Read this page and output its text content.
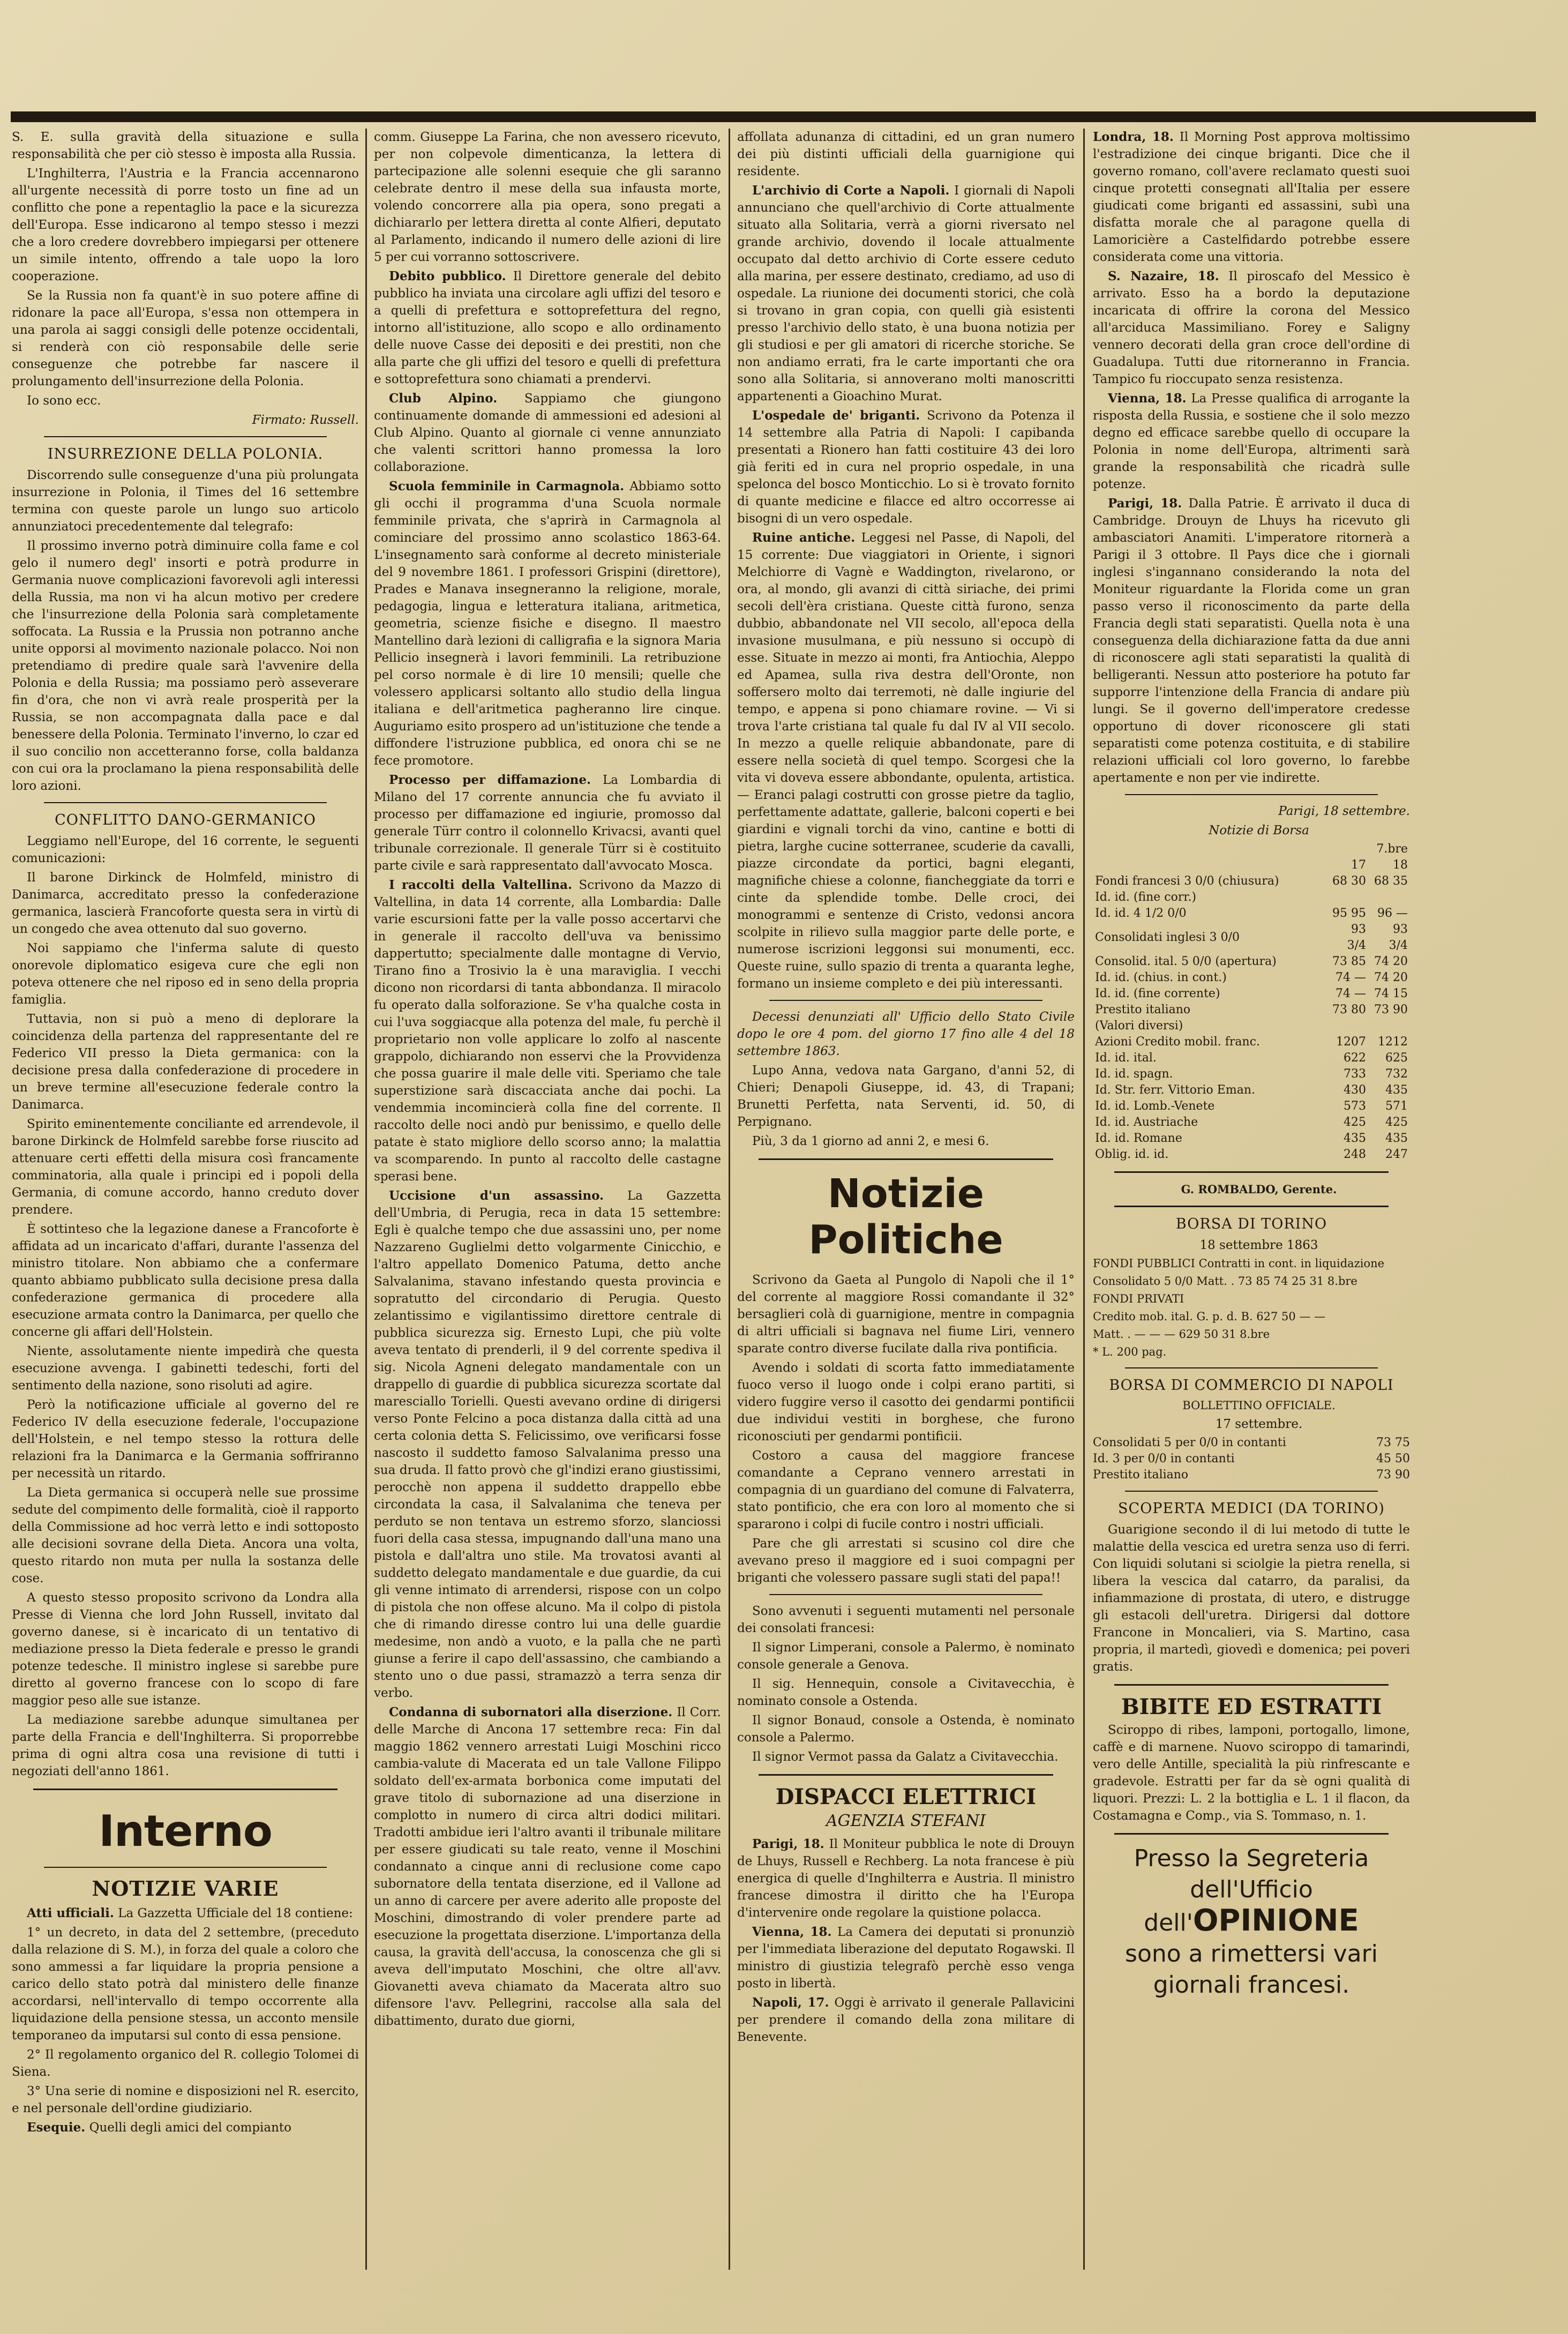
S. E. sulla gravità della situazione e sulla responsabilità che per ciò stesso è imposta alla Russia.

L'Inghilterra, l'Austria e la Francia accennarono all'urgente necessità di porre tosto un fine ad un conflitto che pone a repentaglio la pace e la sicurezza dell'Europa. Esse indicarono al tempo stesso i mezzi che a loro credere dovrebbero impiegarsi per ottenere un simile intento, offrendo a tale uopo la loro cooperazione.

Se la Russia non fa quant'è in suo potere affine di ridonare la pace all'Europa, s'essa non ottempera in una parola ai saggi consigli delle potenze occidentali, si renderà con ciò responsabile delle serie conseguenze che potrebbe far nascere il prolungamento dell'insurrezione della Polonia.

Io sono ecc.

Firmato: Russell.

INSURREZIONE DELLA POLONIA.

Discorrendo sulle conseguenze d'una più prolungata insurrezione in Polonia, il Times del 16 settembre termina con queste parole un lungo suo articolo annunziatoci precedentemente dal telegrafo:

Il prossimo inverno potrà diminuire colla fame e col gelo il numero degl' insorti e potrà produrre in Germania nuove complicazioni favorevoli agli interessi della Russia, ma non vi ha alcun motivo per credere che l'insurrezione della Polonia sarà completamente soffocata. La Russia e la Prussia non potranno anche unite opporsi al movimento nazionale polacco. Noi non pretendiamo di predire quale sarà l'avvenire della Polonia e della Russia; ma possiamo però asseverare fin d'ora, che non vi avrà reale prosperità per la Russia, se non accompagnata dalla pace e dal benessere della Polonia. Terminato l'inverno, lo czar ed il suo concilio non accetteranno forse, colla baldanza con cui ora la proclamano la piena responsabilità delle loro azioni.

CONFLITTO DANO-GERMANICO

Leggiamo nell'Europe, del 16 corrente, le seguenti comunicazioni:

Il barone Dirkinck de Holmfeld, ministro di Danimarca, accreditato presso la confederazione germanica, lascierà Francoforte questa sera in virtù di un congedo che avea ottenuto dal suo governo.

Noi sappiamo che l'inferma salute di questo onorevole diplomatico esigeva cure che egli non poteva ottenere che nel riposo ed in seno della propria famiglia.

Tuttavia, non si può a meno di deplorare la coincidenza della partenza del rappresentante del re Federico VII presso la Dieta germanica: con la decisione presa dalla confederazione di procedere in un breve termine all'esecuzione federale contro la Danimarca.

Spirito eminentemente conciliante ed arrendevole, il barone Dirkinck de Holmfeld sarebbe forse riuscito ad attenuare certi effetti della misura così francamente comminatoria, alla quale i principi ed i popoli della Germania, di comune accordo, hanno creduto dover prendere.

È sottinteso che la legazione danese a Francoforte è affidata ad un incaricato d'affari, durante l'assenza del ministro titolare. Non abbiamo che a confermare quanto abbiamo pubblicato sulla decisione presa dalla confederazione germanica di procedere alla esecuzione armata contro la Danimarca, per quello che concerne gli affari dell'Holstein.

Niente, assolutamente niente impedirà che questa esecuzione avvenga. I gabinetti tedeschi, forti del sentimento della nazione, sono risoluti ad agire.

Però la notificazione ufficiale al governo del re Federico IV della esecuzione federale, l'occupazione dell'Holstein, e nel tempo stesso la rottura delle relazioni fra la Danimarca e la Germania soffriranno per necessità un ritardo.

La Dieta germanica si occuperà nelle sue prossime sedute del compimento delle formalità, cioè il rapporto della Commissione ad hoc verrà letto e indi sottoposto alle decisioni sovrane della Dieta. Ancora una volta, questo ritardo non muta per nulla la sostanza delle cose.

A questo stesso proposito scrivono da Londra alla Presse di Vienna che lord John Russell, invitato dal governo danese, si è incaricato di un tentativo di mediazione presso la Dieta federale e presso le grandi potenze tedesche. Il ministro inglese si sarebbe pure diretto al governo francese con lo scopo di fare maggior peso alle sue istanze.

La mediazione sarebbe adunque simultanea per parte della Francia e dell'Inghilterra. Si proporrebbe prima di ogni altra cosa una revisione di tutti i negoziati dell'anno 1861.

Interno
NOTIZIE VARIE

Atti ufficiali. La Gazzetta Ufficiale del 18 contiene:

1° un decreto, in data del 2 settembre, (preceduto dalla relazione di S. M.), in forza del quale a coloro che sono ammessi a far liquidare la propria pensione a carico dello stato potrà dal ministero delle finanze accordarsi, nell'intervallo di tempo occorrente alla liquidazione della pensione stessa, un acconto mensile temporaneo da imputarsi sul conto di essa pensione.

2° Il regolamento organico del R. collegio Tolomei di Siena.

3° Una serie di nomine e disposizioni nel R. esercito, e nel personale dell'ordine giudiziario.

Esequie. Quelli degli amici del compianto

comm. Giuseppe La Farina, che non avessero ricevuto, per non colpevole dimenticanza, la lettera di partecipazione alle solenni esequie che gli saranno celebrate dentro il mese della sua infausta morte, volendo concorrere alla pia opera, sono pregati a dichiararlo per lettera diretta al conte Alfieri, deputato al Parlamento, indicando il numero delle azioni di lire 5 per cui vorranno sottoscrivere.

Debito pubblico. Il Direttore generale del debito pubblico ha inviata una circolare agli uffizi del tesoro e a quelli di prefettura e sottoprefettura del regno, intorno all'istituzione, allo scopo e allo ordinamento delle nuove Casse dei depositi e dei prestiti, non che alla parte che gli uffizi del tesoro e quelli di prefettura e sottoprefettura sono chiamati a prendervi.

Club Alpino. Sappiamo che giungono continuamente domande di ammessioni ed adesioni al Club Alpino. Quanto al giornale ci venne annunziato che valenti scrittori hanno promessa la loro collaborazione.

Scuola femminile in Carmagnola. Abbiamo sotto gli occhi il programma d'una Scuola normale femminile privata, che s'aprirà in Carmagnola al cominciare del prossimo anno scolastico 1863-64. L'insegnamento sarà conforme al decreto ministeriale del 9 novembre 1861. I professori Grispini (direttore), Prades e Manava insegneranno la religione, morale, pedagogia, lingua e letteratura italiana, aritmetica, geometria, scienze fisiche e disegno. Il maestro Mantellino darà lezioni di calligrafia e la signora Maria Pellicio insegnerà i lavori femminili. La retribuzione pel corso normale è di lire 10 mensili; quelle che volessero applicarsi soltanto allo studio della lingua italiana e dell'aritmetica pagheranno lire cinque. Auguriamo esito prospero ad un'istituzione che tende a diffondere l'istruzione pubblica, ed onora chi se ne fece promotore.

Processo per diffamazione. La Lombardia di Milano del 17 corrente annuncia che fu avviato il processo per diffamazione ed ingiurie, promosso dal generale Türr contro il colonnello Krivacsi, avanti quel tribunale correzionale. Il generale Türr si è costituito parte civile e sarà rappresentato dall'avvocato Mosca.

I raccolti della Valtellina. Scrivono da Mazzo di Valtellina, in data 14 corrente, alla Lombardia: Dalle varie escursioni fatte per la valle posso accertarvi che in generale il raccolto dell'uva va benissimo dappertutto; specialmente dalle montagne di Vervio, Tirano fino a Trosivio la è una maraviglia. I vecchi dicono non ricordarsi di tanta abbondanza. Il miracolo fu operato dalla solforazione. Se v'ha qualche costa in cui l'uva soggiacque alla potenza del male, fu perchè il proprietario non volle applicare lo zolfo al nascente grappolo, dichiarando non esservi che la Provvidenza che possa guarire il male delle viti. Speriamo che tale superstizione sarà discacciata anche dai pochi. La vendemmia incomincierà colla fine del corrente. Il raccolto delle noci andò pur benissimo, e quello delle patate è stato migliore dello scorso anno; la malattia va scomparendo. In punto al raccolto delle castagne sperasi bene.

Uccisione d'un assassino. La Gazzetta dell'Umbria, di Perugia, reca in data 15 settembre: Egli è qualche tempo che due assassini uno, per nome Nazzareno Guglielmi detto volgarmente Cinicchio, e l'altro appellato Domenico Patuma, detto anche Salvalanima, stavano infestando questa provincia e sopratutto del circondario di Perugia. Questo zelantissimo e vigilantissimo direttore centrale di pubblica sicurezza sig. Ernesto Lupi, che più volte aveva tentato di prenderli, il 9 del corrente spediva il sig. Nicola Agneni delegato mandamentale con un drappello di guardie di pubblica sicurezza scortate dal maresciallo Torielli. Questi avevano ordine di dirigersi verso Ponte Felcino a poca distanza dalla città ad una certa colonia detta S. Felicissimo, ove verificarsi fosse nascosto il suddetto famoso Salvalanima presso una sua druda. Il fatto provò che gl'indizi erano giustissimi, perocchè non appena il suddetto drappello ebbe circondata la casa, il Salvalanima che teneva per perduto se non tentava un estremo sforzo, slanciossi fuori della casa stessa, impugnando dall'una mano una pistola e dall'altra uno stile. Ma trovatosi avanti al suddetto delegato mandamentale e due guardie, da cui gli venne intimato di arrendersi, rispose con un colpo di pistola che non offese alcuno. Ma il colpo di pistola che di rimando diresse contro lui una delle guardie medesime, non andò a vuoto, e la palla che ne partì giunse a ferire il capo dell'assassino, che cambiando a stento uno o due passi, stramazzò a terra senza dir verbo.

Condanna di subornatori alla diserzione. Il Corr. delle Marche di Ancona 17 settembre reca: Fin dal maggio 1862 vennero arrestati Luigi Moschini ricco cambia-valute di Macerata ed un tale Vallone Filippo soldato dell'ex-armata borbonica come imputati del grave titolo di subornazione ad una diserzione in complotto in numero di circa altri dodici militari. Tradotti ambidue ieri l'altro avanti il tribunale militare per essere giudicati su tale reato, venne il Moschini condannato a cinque anni di reclusione come capo subornatore della tentata diserzione, ed il Vallone ad un anno di carcere per avere aderito alle proposte del Moschini, dimostrando di voler prendere parte ad esecuzione la progettata diserzione. L'importanza della causa, la gravità dell'accusa, la conoscenza che gli si aveva dell'imputato Moschini, che oltre all'avv. Giovanetti aveva chiamato da Macerata altro suo difensore l'avv. Pellegrini, raccolse alla sala del dibattimento, durato due giorni,

affollata adunanza di cittadini, ed un gran numero dei più distinti ufficiali della guarnigione qui residente.

L'archivio di Corte a Napoli. I giornali di Napoli annunciano che quell'archivio di Corte attualmente situato alla Solitaria, verrà a giorni riversato nel grande archivio, dovendo il locale attualmente occupato dal detto archivio di Corte essere ceduto alla marina, per essere destinato, crediamo, ad uso di ospedale. La riunione dei documenti storici, che colà si trovano in gran copia, con quelli già esistenti presso l'archivio dello stato, è una buona notizia per gli studiosi e per gli amatori di ricerche storiche. Se non andiamo errati, fra le carte importanti che ora sono alla Solitaria, si annoverano molti manoscritti appartenenti a Gioachino Murat.

L'ospedale de' briganti. Scrivono da Potenza il 14 settembre alla Patria di Napoli: I capibanda presentati a Rionero han fatti costituire 43 dei loro già feriti ed in cura nel proprio ospedale, in una spelonca del bosco Monticchio. Lo si è trovato fornito di quante medicine e filacce ed altro occorresse ai bisogni di un vero ospedale.

Ruine antiche. Leggesi nel Passe, di Napoli, del 15 corrente: Due viaggiatori in Oriente, i signori Melchiorre di Vagnè e Waddington, rivelarono, or ora, al mondo, gli avanzi di città siriache, dei primi secoli dell'èra cristiana. Queste città furono, senza dubbio, abbandonate nel VII secolo, all'epoca della invasione musulmana, e più nessuno si occupò di esse. Situate in mezzo ai monti, fra Antiochia, Aleppo ed Apamea, sulla riva destra dell'Oronte, non soffersero molto dai terremoti, nè dalle ingiurie del tempo, e appena si pono chiamare rovine. — Vi si trova l'arte cristiana tal quale fu dal IV al VII secolo. In mezzo a quelle reliquie abbandonate, pare di essere nella società di quel tempo. Scorgesi che la vita vi doveva essere abbondante, opulenta, artistica. — Eranci palagi costrutti con grosse pietre da taglio, perfettamente adattate, gallerie, balconi coperti e bei giardini e vignali torchi da vino, cantine e botti di pietra, larghe cucine sotterranee, scuderie da cavalli, piazze circondate da portici, bagni eleganti, magnifiche chiese a colonne, fiancheggiate da torri e cinte da splendide tombe. Delle croci, dei monogrammi e sentenze di Cristo, vedonsi ancora scolpite in rilievo sulla maggior parte delle porte, e numerose iscrizioni leggonsi sui monumenti, ecc. Queste ruine, sullo spazio di trenta a quaranta leghe, formano un insieme completo e dei più interessanti.

Decessi denunziati all' Ufficio dello Stato Civile dopo le ore 4 pom. del giorno 17 fino alle 4 del 18 settembre 1863.

Lupo Anna, vedova nata Gargano, d'anni 52, di Chieri; Denapoli Giuseppe, id. 43, di Trapani; Brunetti Perfetta, nata Serventi, id. 50, di Perpignano.

Più, 3 da 1 giorno ad anni 2, e mesi 6.

Notizie Politiche

Scrivono da Gaeta al Pungolo di Napoli che il 1° del corrente al maggiore Rossi comandante il 32° bersaglieri colà di guarnigione, mentre in compagnia di altri ufficiali si bagnava nel fiume Liri, vennero sparate contro diverse fucilate dalla riva pontificia.

Avendo i soldati di scorta fatto immediatamente fuoco verso il luogo onde i colpi erano partiti, si videro fuggire verso il casotto dei gendarmi pontificii due individui vestiti in borghese, che furono riconosciuti per gendarmi pontificii.

Costoro a causa del maggiore francese comandante a Ceprano vennero arrestati in compagnia di un guardiano del comune di Falvaterra, stato pontificio, che era con loro al momento che si spararono i colpi di fucile contro i nostri ufficiali.

Pare che gli arrestati si scusino col dire che avevano preso il maggiore ed i suoi compagni per briganti che volessero passare sugli stati del papa!!

Sono avvenuti i seguenti mutamenti nel personale dei consolati francesi:

Il signor Limperani, console a Palermo, è nominato console generale a Genova.

Il sig. Hennequin, console a Civitavecchia, è nominato console a Ostenda.

Il signor Bonaud, console a Ostenda, è nominato console a Palermo.

Il signor Vermot passa da Galatz a Civitavecchia.

DISPACCI ELETTRICI
AGENZIA STEFANI

Parigi, 18. Il Moniteur pubblica le note di Drouyn de Lhuys, Russell e Rechberg. La nota francese è più energica di quelle d'Inghilterra e Austria. Il ministro francese dimostra il diritto che ha l'Europa d'intervenire onde regolare la quistione polacca.

Vienna, 18. La Camera dei deputati si pronunziò per l'immediata liberazione del deputato Rogawski. Il ministro di giustizia telegrafò perchè esso venga posto in libertà.

Napoli, 17. Oggi è arrivato il generale Pallavicini per prendere il comando della zona militare di Benevente.

Londra, 18. Il Morning Post approva moltissimo l'estradizione dei cinque briganti. Dice che il governo romano, coll'avere reclamato questi suoi cinque protetti consegnati all'Italia per essere giudicati come briganti ed assassini, subì una disfatta morale che al paragone quella di Lamoricière a Castelfidardo potrebbe essere considerata come una vittoria.

S. Nazaire, 18. Il piroscafo del Messico è arrivato. Esso ha a bordo la deputazione incaricata di offrire la corona del Messico all'arciduca Massimiliano. Forey e Saligny vennero decorati della gran croce dell'ordine di Guadalupa. Tutti due ritorneranno in Francia. Tampico fu rioccupato senza resistenza.

Vienna, 18. La Presse qualifica di arrogante la risposta della Russia, e sostiene che il solo mezzo degno ed efficace sarebbe quello di occupare la Polonia in nome dell'Europa, altrimenti sarà grande la responsabilità che ricadrà sulle potenze.

Parigi, 18. Dalla Patrie. È arrivato il duca di Cambridge. Drouyn de Lhuys ha ricevuto gli ambasciatori Anamiti. L'imperatore ritornerà a Parigi il 3 ottobre. Il Pays dice che i giornali inglesi s'ingannano considerando la nota del Moniteur riguardante la Florida come un gran passo verso il riconoscimento da parte della Francia degli stati separatisti. Quella nota è una conseguenza della dichiarazione fatta da due anni di riconoscere agli stati separatisti la qualità di belligeranti. Nessun atto posteriore ha potuto far supporre l'intenzione della Francia di andare più lungi. Se il governo dell'imperatore credesse opportuno di dover riconoscere gli stati separatisti come potenza costituita, e di stabilire relazioni ufficiali col loro governo, lo farebbe apertamente e non per vie indirette.

Parigi, 18 settembre.

Notizie di Borsa

	7.bre	
	17	18
Fondi francesi 3 0/0 (chiusura)	68 30	68 35
Id. id. (fine corr.)		
Id. id. 4 1/2 0/0	95 95	96 —
Consolidati inglesi 3 0/0	93 3/4	93 3/4
Consolid. ital. 5 0/0 (apertura)	73 85	74 20
Id. id. (chius. in cont.)	74 —	74 20
Id. id. (fine corrente)	74 —	74 15
Prestito italiano	73 80	73 90
(Valori diversi)		
Azioni Credito mobil. franc.	1207	1212
Id. id. ital.	622	625
Id. id. spagn.	733	732
Id. Str. ferr. Vittorio Eman.	430	435
Id. id. Lomb.-Venete	573	571
Id. id. Austriache	425	425
Id. id. Romane	435	435
Oblig. id. id.	248	247

G. ROMBALDO, Gerente.

BORSA DI TORINO

18 settembre 1863

FONDI PUBBLICI Contratti in cont. in liquidazione

Consolidato 5 0/0 Matt. . 73 85 74 25 31 8.bre

FONDI PRIVATI

Credito mob. ital. G. p. d. B. 627 50 — —

Matt. . — — — 629 50 31 8.bre

* L. 200 pag.

BORSA DI COMMERCIO DI NAPOLI

BOLLETTINO OFFICIALE.

17 settembre.

Consolidati 5 per 0/0 in contanti	73 75
Id. 3 per 0/0 in contanti	45 50
Prestito italiano	73 90
SCOPERTA MEDICI (DA TORINO)

Guarigione secondo il di lui metodo di tutte le malattie della vescica ed uretra senza uso di ferri. Con liquidi solutani si sciolgie la pietra renella, si libera la vescica dal catarro, da paralisi, da infiammazione di prostata, di utero, e distrugge gli estacoli dell'uretra. Dirigersi dal dottore Francone in Moncalieri, via S. Martino, casa propria, il martedì, giovedì e domenica; pei poveri gratis.

BIBITE ED ESTRATTI

Sciroppo di ribes, lamponi, portogallo, limone, caffè e di marnene. Nuovo sciroppo di tamarindi, vero delle Antille, specialità la più rinfrescante e gradevole. Estratti per far da sè ogni qualità di liquori. Prezzi: L. 2 la bottiglia e L. 1 il flacon, da Costamagna e Comp., via S. Tommaso, n. 1.

Presso la Segreteria dell'Ufficio
dell'OPINIONE
sono a rimettersi vari giornali francesi.
